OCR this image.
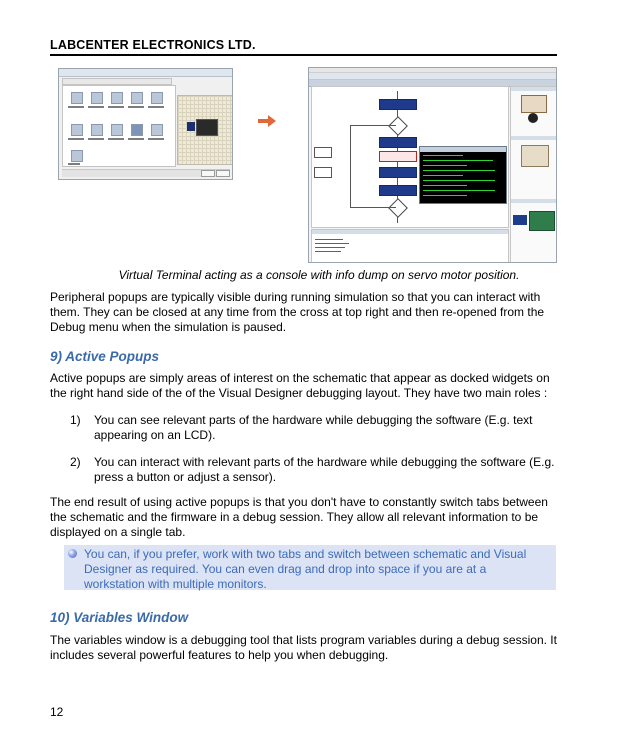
LABCENTER ELECTRONICS LTD.
Virtual Terminal acting as a console with info dump on servo motor position.
Peripheral popups are typically visible during running simulation so that you can interact with them. They can be closed at any time from the cross at top right and then re-opened from the Debug menu when the simulation is paused.
9) Active Popups
Active popups are simply areas of interest on the schematic that appear as docked widgets on the right hand side of the of the Visual Designer debugging layout. They have two main roles :
1) You can see relevant parts of the hardware while debugging the software (E.g. text appearing on an LCD).
2) You can interact with relevant parts of the hardware while debugging the software (E.g. press a button or adjust a sensor).
The end result of using active popups is that you don't have to constantly switch tabs between the schematic and the firmware in a debug session. They allow all relevant information to be displayed on a single tab.
You can, if you prefer, work with two tabs and switch between schematic and Visual Designer as required. You can even drag and drop into space if you are at a workstation with multiple monitors.
10) Variables Window
The variables window is a debugging tool that lists program variables during a debug session. It includes several powerful features to help you when debugging.
12
